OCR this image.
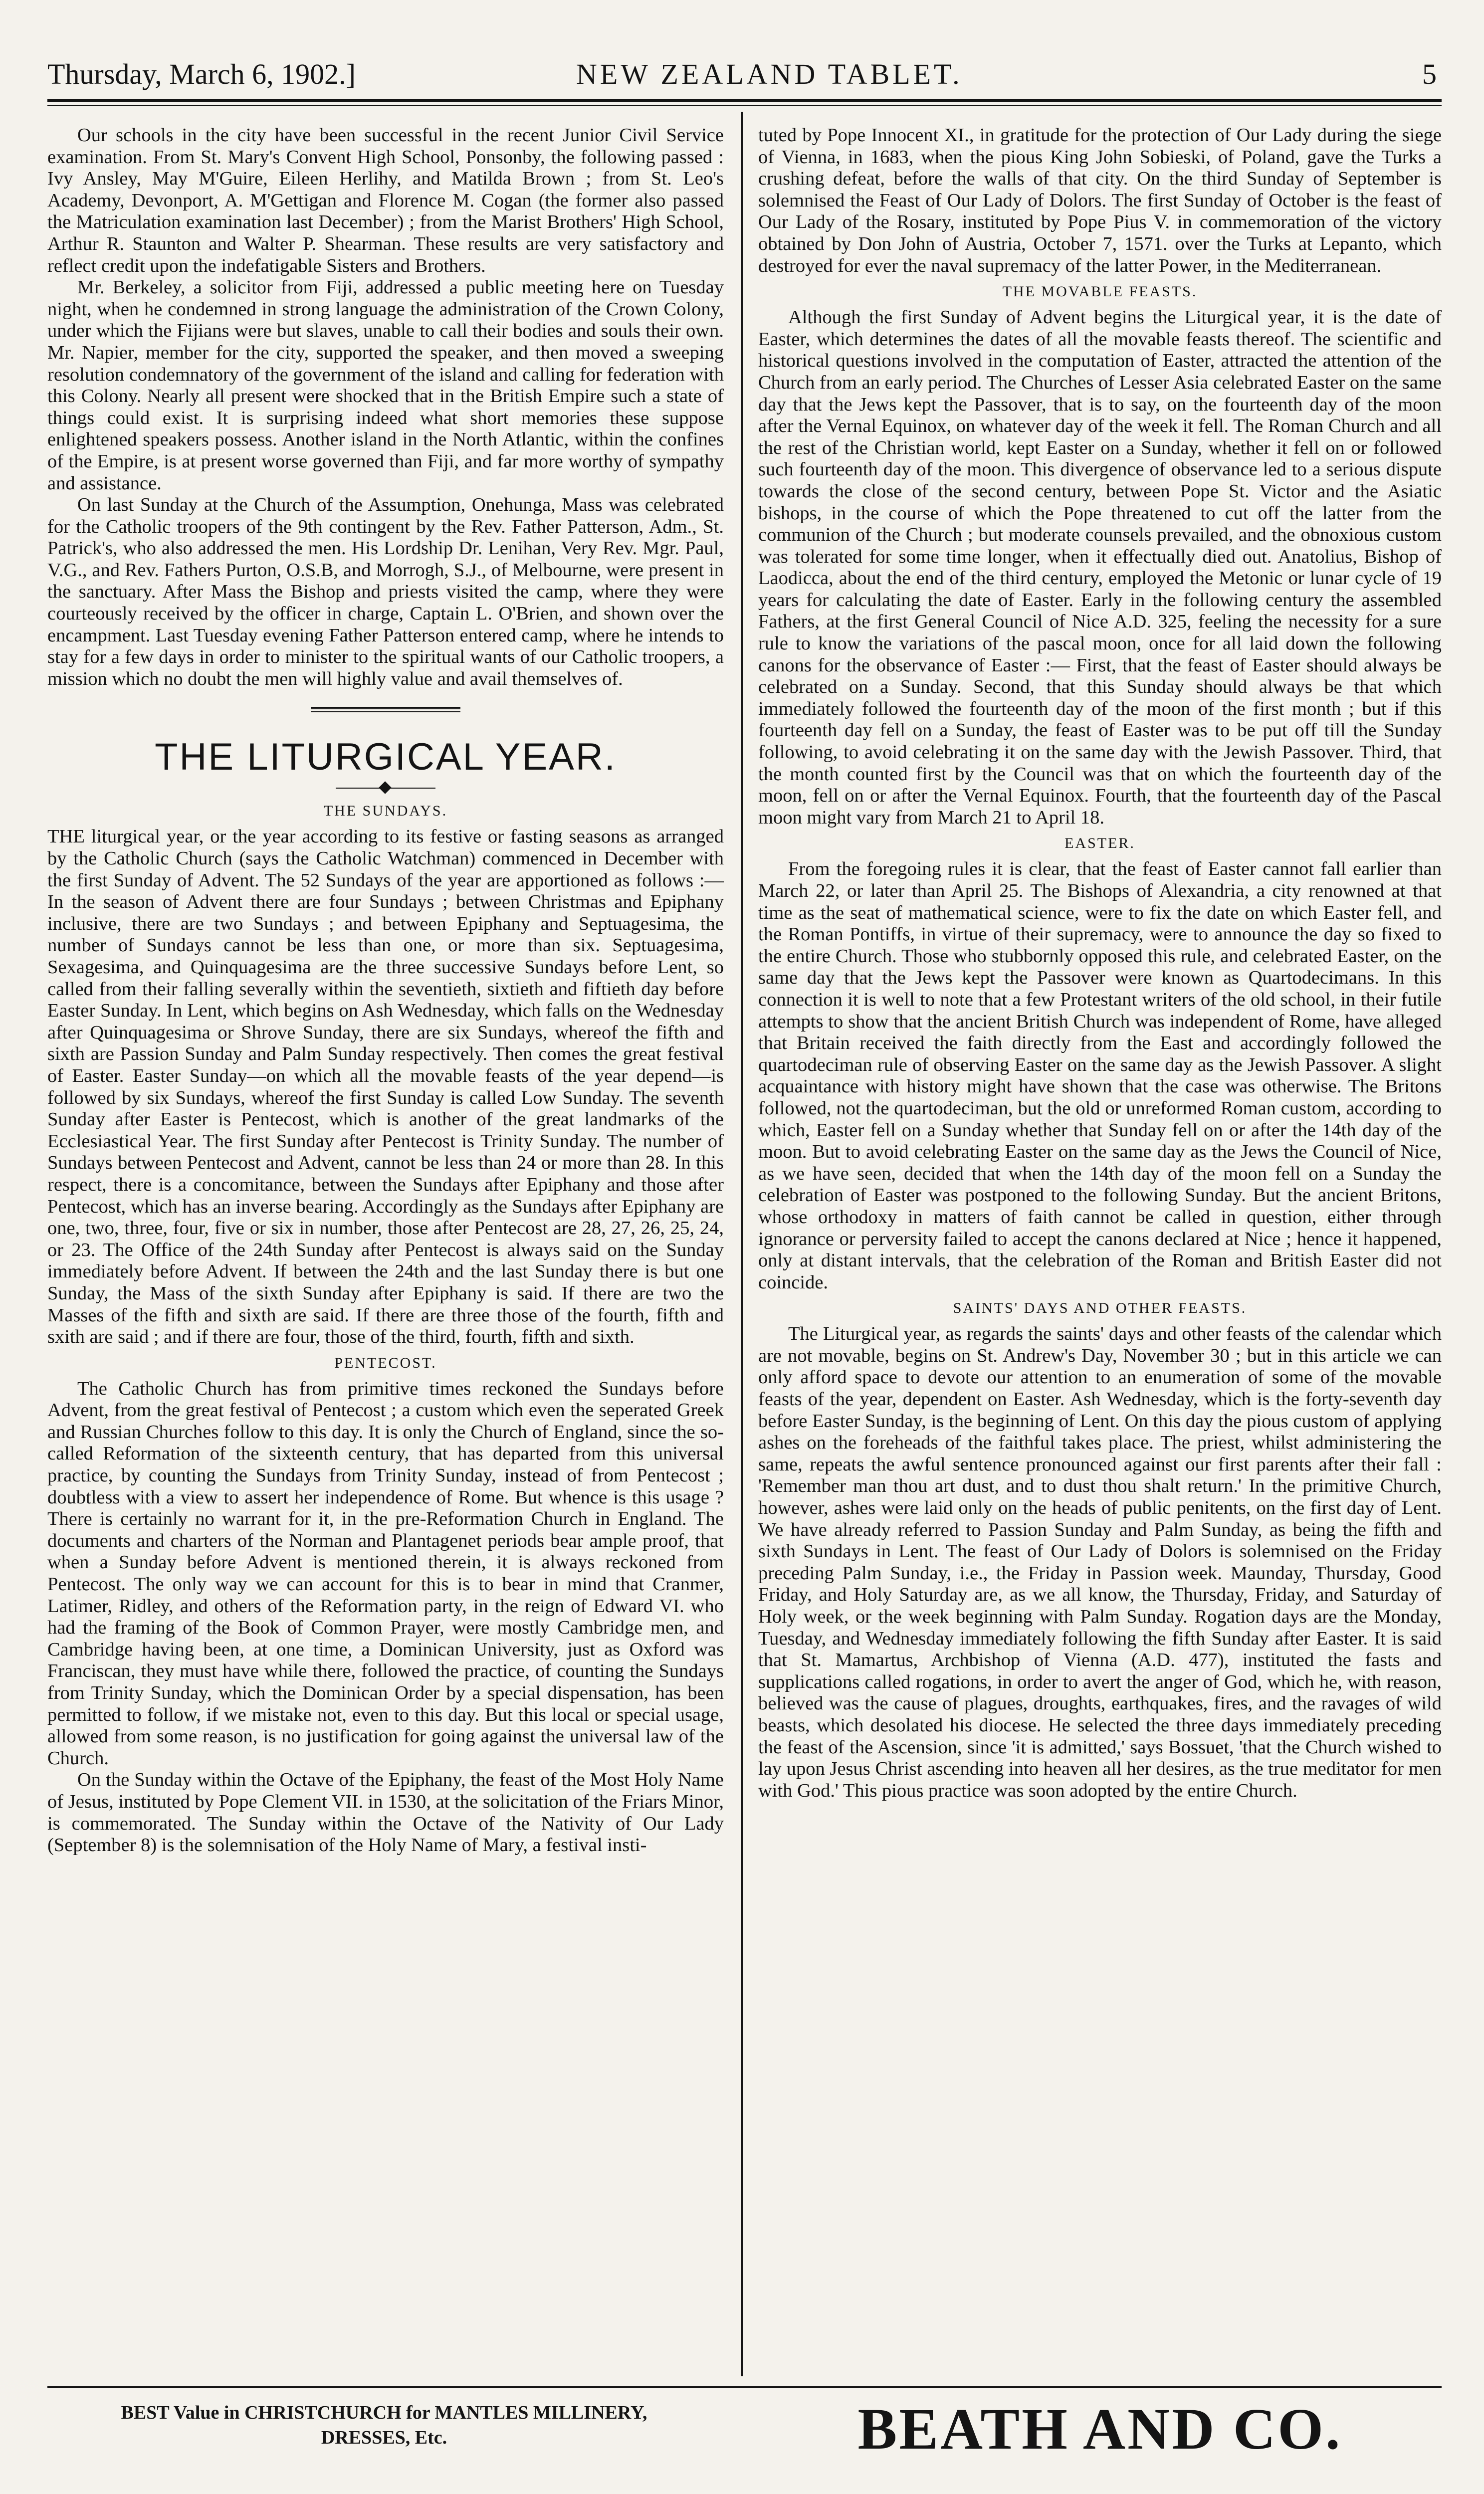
Thursday, March 6, 1902.]	NEW ZEALAND TABLET.	5

Our schools in the city have been successful in the recent Junior Civil Service examination. From St. Mary's Convent High School, Ponsonby, the following passed : Ivy Ansley, May M'Guire, Eileen Herlihy, and Matilda Brown ; from St. Leo's Academy, Devonport, A. M'Gettigan and Florence M. Cogan (the former also passed the Matriculation examination last December) ; from the Marist Brothers' High School, Arthur R. Staunton and Walter P. Shearman. These results are very satisfactory and reflect credit upon the indefatigable Sisters and Brothers.

Mr. Berkeley, a solicitor from Fiji, addressed a public meeting here on Tuesday night, when he condemned in strong language the administration of the Crown Colony, under which the Fijians were but slaves, unable to call their bodies and souls their own. Mr. Napier, member for the city, supported the speaker, and then moved a sweeping resolution condemnatory of the government of the island and calling for federation with this Colony. Nearly all present were shocked that in the British Empire such a state of things could exist. It is surprising indeed what short memories these suppose enlightened speakers possess. Another island in the North Atlantic, within the confines of the Empire, is at present worse governed than Fiji, and far more worthy of sympathy and assistance.

On last Sunday at the Church of the Assumption, Onehunga, Mass was celebrated for the Catholic troopers of the 9th contingent by the Rev. Father Patterson, Adm., St. Patrick's, who also addressed the men. His Lordship Dr. Lenihan, Very Rev. Mgr. Paul, V.G., and Rev. Fathers Purton, O.S.B, and Morrogh, S.J., of Melbourne, were present in the sanctuary. After Mass the Bishop and priests visited the camp, where they were courteously received by the officer in charge, Captain L. O'Brien, and shown over the encampment. Last Tuesday evening Father Patterson entered camp, where he intends to stay for a few days in order to minister to the spiritual wants of our Catholic troopers, a mission which no doubt the men will highly value and avail themselves of.

THE LITURGICAL YEAR.
THE SUNDAYS.

THE liturgical year, or the year according to its festive or fasting seasons as arranged by the Catholic Church (says the Catholic Watchman) commenced in December with the first Sunday of Advent. The 52 Sundays of the year are apportioned as follows :— In the season of Advent there are four Sundays ; between Christmas and Epiphany inclusive, there are two Sundays ; and between Epiphany and Septuagesima, the number of Sundays cannot be less than one, or more than six. Septuagesima, Sexagesima, and Quinquagesima are the three successive Sundays before Lent, so called from their falling severally within the seventieth, sixtieth and fiftieth day before Easter Sunday. In Lent, which begins on Ash Wednesday, which falls on the Wednesday after Quinquagesima or Shrove Sunday, there are six Sundays, whereof the fifth and sixth are Passion Sunday and Palm Sunday respectively. Then comes the great festival of Easter. Easter Sunday—on which all the movable feasts of the year depend—is followed by six Sundays, whereof the first Sunday is called Low Sunday. The seventh Sunday after Easter is Pentecost, which is another of the great landmarks of the Ecclesiastical Year. The first Sunday after Pentecost is Trinity Sunday. The number of Sundays between Pentecost and Advent, cannot be less than 24 or more than 28. In this respect, there is a concomitance, between the Sundays after Epiphany and those after Pentecost, which has an inverse bearing. Accordingly as the Sundays after Epiphany are one, two, three, four, five or six in number, those after Pentecost are 28, 27, 26, 25, 24, or 23. The Office of the 24th Sunday after Pentecost is always said on the Sunday immediately before Advent. If between the 24th and the last Sunday there is but one Sunday, the Mass of the sixth Sunday after Epiphany is said. If there are two the Masses of the fifth and sixth are said. If there are three those of the fourth, fifth and sxith are said ; and if there are four, those of the third, fourth, fifth and sixth.

PENTECOST.

The Catholic Church has from primitive times reckoned the Sundays before Advent, from the great festival of Pentecost ; a custom which even the seperated Greek and Russian Churches follow to this day. It is only the Church of England, since the so-called Reformation of the sixteenth century, that has departed from this universal practice, by counting the Sundays from Trinity Sunday, instead of from Pentecost ; doubtless with a view to assert her independence of Rome. But whence is this usage ? There is certainly no warrant for it, in the pre-Reformation Church in England. The documents and charters of the Norman and Plantagenet periods bear ample proof, that when a Sunday before Advent is mentioned therein, it is always reckoned from Pentecost. The only way we can account for this is to bear in mind that Cranmer, Latimer, Ridley, and others of the Reformation party, in the reign of Edward VI. who had the framing of the Book of Common Prayer, were mostly Cambridge men, and Cambridge having been, at one time, a Dominican University, just as Oxford was Franciscan, they must have while there, followed the practice, of counting the Sundays from Trinity Sunday, which the Dominican Order by a special dispensation, has been permitted to follow, if we mistake not, even to this day. But this local or special usage, allowed from some reason, is no justification for going against the universal law of the Church.

On the Sunday within the Octave of the Epiphany, the feast of the Most Holy Name of Jesus, instituted by Pope Clement VII. in 1530, at the solicitation of the Friars Minor, is commemorated. The Sunday within the Octave of the Nativity of Our Lady (September 8) is the solemnisation of the Holy Name of Mary, a festival insti-

tuted by Pope Innocent XI., in gratitude for the protection of Our Lady during the siege of Vienna, in 1683, when the pious King John Sobieski, of Poland, gave the Turks a crushing defeat, before the walls of that city. On the third Sunday of September is solemnised the Feast of Our Lady of Dolors. The first Sunday of October is the feast of Our Lady of the Rosary, instituted by Pope Pius V. in commemoration of the victory obtained by Don John of Austria, October 7, 1571. over the Turks at Lepanto, which destroyed for ever the naval supremacy of the latter Power, in the Mediterranean.

THE MOVABLE FEASTS.

Although the first Sunday of Advent begins the Liturgical year, it is the date of Easter, which determines the dates of all the movable feasts thereof. The scientific and historical questions involved in the computation of Easter, attracted the attention of the Church from an early period. The Churches of Lesser Asia celebrated Easter on the same day that the Jews kept the Passover, that is to say, on the fourteenth day of the moon after the Vernal Equinox, on whatever day of the week it fell. The Roman Church and all the rest of the Christian world, kept Easter on a Sunday, whether it fell on or followed such fourteenth day of the moon. This divergence of observance led to a serious dispute towards the close of the second century, between Pope St. Victor and the Asiatic bishops, in the course of which the Pope threatened to cut off the latter from the communion of the Church ; but moderate counsels prevailed, and the obnoxious custom was tolerated for some time longer, when it effectually died out. Anatolius, Bishop of Laodicca, about the end of the third century, employed the Metonic or lunar cycle of 19 years for calculating the date of Easter. Early in the following century the assembled Fathers, at the first General Council of Nice A.D. 325, feeling the necessity for a sure rule to know the variations of the pascal moon, once for all laid down the following canons for the observance of Easter :— First, that the feast of Easter should always be celebrated on a Sunday. Second, that this Sunday should always be that which immediately followed the fourteenth day of the moon of the first month ; but if this fourteenth day fell on a Sunday, the feast of Easter was to be put off till the Sunday following, to avoid celebrating it on the same day with the Jewish Passover. Third, that the month counted first by the Council was that on which the fourteenth day of the moon, fell on or after the Vernal Equinox. Fourth, that the fourteenth day of the Pascal moon might vary from March 21 to April 18.

EASTER.

From the foregoing rules it is clear, that the feast of Easter cannot fall earlier than March 22, or later than April 25. The Bishops of Alexandria, a city renowned at that time as the seat of mathematical science, were to fix the date on which Easter fell, and the Roman Pontiffs, in virtue of their supremacy, were to announce the day so fixed to the entire Church. Those who stubbornly opposed this rule, and celebrated Easter, on the same day that the Jews kept the Passover were known as Quartodecimans. In this connection it is well to note that a few Protestant writers of the old school, in their futile attempts to show that the ancient British Church was independent of Rome, have alleged that Britain received the faith directly from the East and accordingly followed the quartodeciman rule of observing Easter on the same day as the Jewish Passover. A slight acquaintance with history might have shown that the case was otherwise. The Britons followed, not the quartodeciman, but the old or unreformed Roman custom, according to which, Easter fell on a Sunday whether that Sunday fell on or after the 14th day of the moon. But to avoid celebrating Easter on the same day as the Jews the Council of Nice, as we have seen, decided that when the 14th day of the moon fell on a Sunday the celebration of Easter was postponed to the following Sunday. But the ancient Britons, whose orthodoxy in matters of faith cannot be called in question, either through ignorance or perversity failed to accept the canons declared at Nice ; hence it happened, only at distant intervals, that the celebration of the Roman and British Easter did not coincide.

SAINTS' DAYS AND OTHER FEASTS.

The Liturgical year, as regards the saints' days and other feasts of the calendar which are not movable, begins on St. Andrew's Day, November 30 ; but in this article we can only afford space to devote our attention to an enumeration of some of the movable feasts of the year, dependent on Easter. Ash Wednesday, which is the forty-seventh day before Easter Sunday, is the beginning of Lent. On this day the pious custom of applying ashes on the foreheads of the faithful takes place. The priest, whilst administering the same, repeats the awful sentence pronounced against our first parents after their fall : 'Remember man thou art dust, and to dust thou shalt return.' In the primitive Church, however, ashes were laid only on the heads of public penitents, on the first day of Lent. We have already referred to Passion Sunday and Palm Sunday, as being the fifth and sixth Sundays in Lent. The feast of Our Lady of Dolors is solemnised on the Friday preceding Palm Sunday, i.e., the Friday in Passion week. Maunday, Thursday, Good Friday, and Holy Saturday are, as we all know, the Thursday, Friday, and Saturday of Holy week, or the week beginning with Palm Sunday. Rogation days are the Monday, Tuesday, and Wednesday immediately following the fifth Sunday after Easter. It is said that St. Mamartus, Archbishop of Vienna (A.D. 477), instituted the fasts and supplications called rogations, in order to avert the anger of God, which he, with reason, believed was the cause of plagues, droughts, earthquakes, fires, and the ravages of wild beasts, which desolated his diocese. He selected the three days immediately preceding the feast of the Ascension, since 'it is admitted,' says Bossuet, 'that the Church wished to lay upon Jesus Christ ascending into heaven all her desires, as the true meditator for men with God.' This pious practice was soon adopted by the entire Church.

BEST Value in CHRISTCHURCH for MANTLES MILLINERY,
DRESSES, Etc.	BEATH AND CO.
